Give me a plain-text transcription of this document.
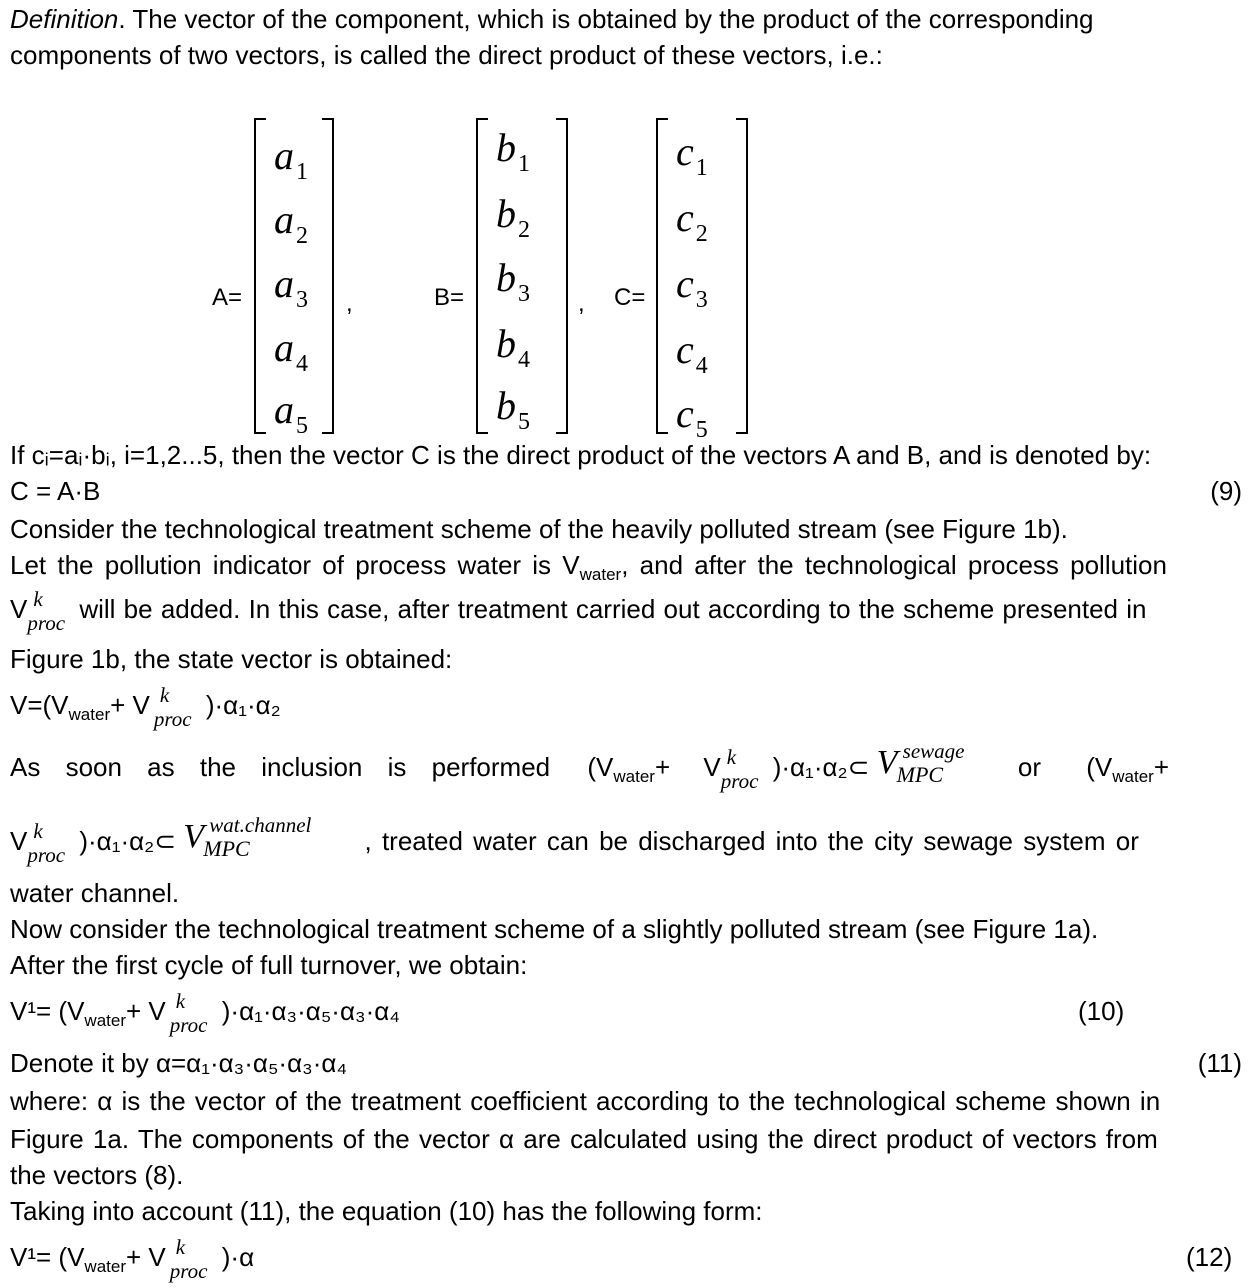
Definition. The vector of the component, which is obtained by the product of the corresponding
components of two vectors, is called the direct product of these vectors, i.e.:
A=
$a_1$
$a_2$
$a_3$
$a_4$
$a_5$
,	B=
$b_1$
$b_2$
$b_3$
$b_4$
$b_5$
, C=
$c_1$
$c_2$
$c_3$
$c_4$
$c_5$
If cᵢ=aᵢ·bᵢ, i=1,2...5, then the vector C is the direct product of the vectors A and B, and is denoted by:
C = A·B	(9)
Consider the technological treatment scheme of the heavily polluted stream (see Figure 1b).
Let the pollution indicator of process water is $V_{water}$, and after the technological process pollution
V k
proc will be added. In this case, after treatment carried out according to the scheme presented in
Figure 1b, the state vector is obtained:
$V=(V_{water}+ V$ k
proc )·α₁·α₂
As soon as the inclusion is performed ($V_{water}+ V$ k
proc )·α₁·α₂⊂ V sewage
MPC	or ($V_{water}+$
V k
proc )·α₁·α₂⊂ V wat.channel
MPC	, treated water can be discharged into the city sewage system or
water channel.
Now consider the technological treatment scheme of a slightly polluted stream (see Figure 1a).
After the first cycle of full turnover, we obtain:
$V^1= (V_{water}+ V$ k
proc )·α₁·α₃·α₅·α₃·α₄	(10)
Denote it by α=α₁·α₃·α₅·α₃·α₄	(11)
where: α is the vector of the treatment coefficient according to the technological scheme shown in
Figure 1a. The components of the vector α are calculated using the direct product of vectors from
the vectors (8).
Taking into account (11), the equation (10) has the following form:
$V^1= (V_{water}+ V$ k
proc )·α	(12)
